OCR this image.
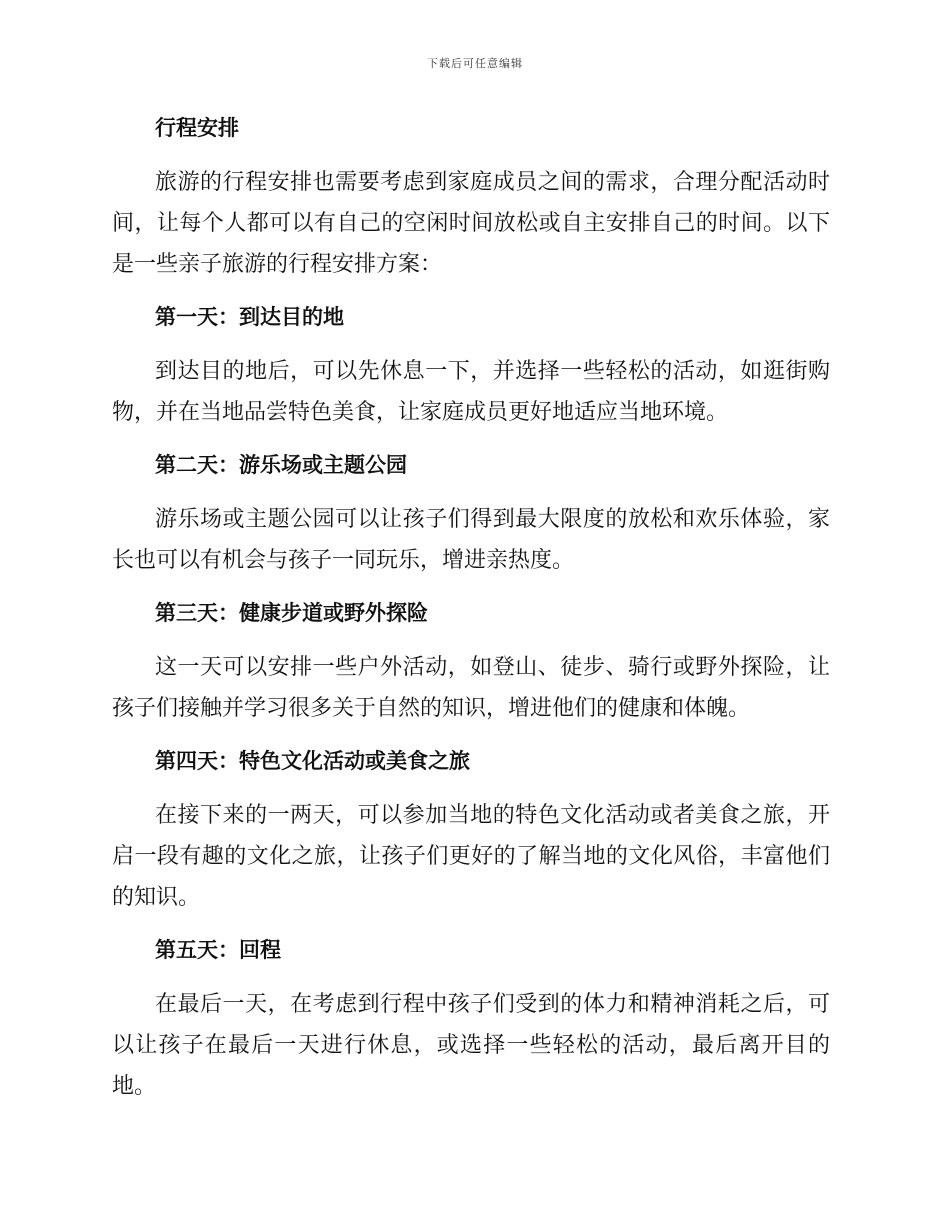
下载后可任意编辑

行程安排

旅游的行程安排也需要考虑到家庭成员之间的需求，合理分配活动时间，让每个人都可以有自己的空闲时间放松或自主安排自己的时间。以下是一些亲子旅游的行程安排方案：

第一天：到达目的地

到达目的地后，可以先休息一下，并选择一些轻松的活动，如逛街购物，并在当地品尝特色美食，让家庭成员更好地适应当地环境。

第二天：游乐场或主题公园

游乐场或主题公园可以让孩子们得到最大限度的放松和欢乐体验，家长也可以有机会与孩子一同玩乐，增进亲热度。

第三天：健康步道或野外探险

这一天可以安排一些户外活动，如登山、徒步、骑行或野外探险，让孩子们接触并学习很多关于自然的知识，增进他们的健康和体魄。

第四天：特色文化活动或美食之旅

在接下来的一两天，可以参加当地的特色文化活动或者美食之旅，开启一段有趣的文化之旅，让孩子们更好的了解当地的文化风俗，丰富他们的知识。

第五天：回程

在最后一天，在考虑到行程中孩子们受到的体力和精神消耗之后，可以让孩子在最后一天进行休息，或选择一些轻松的活动，最后离开目的地。
